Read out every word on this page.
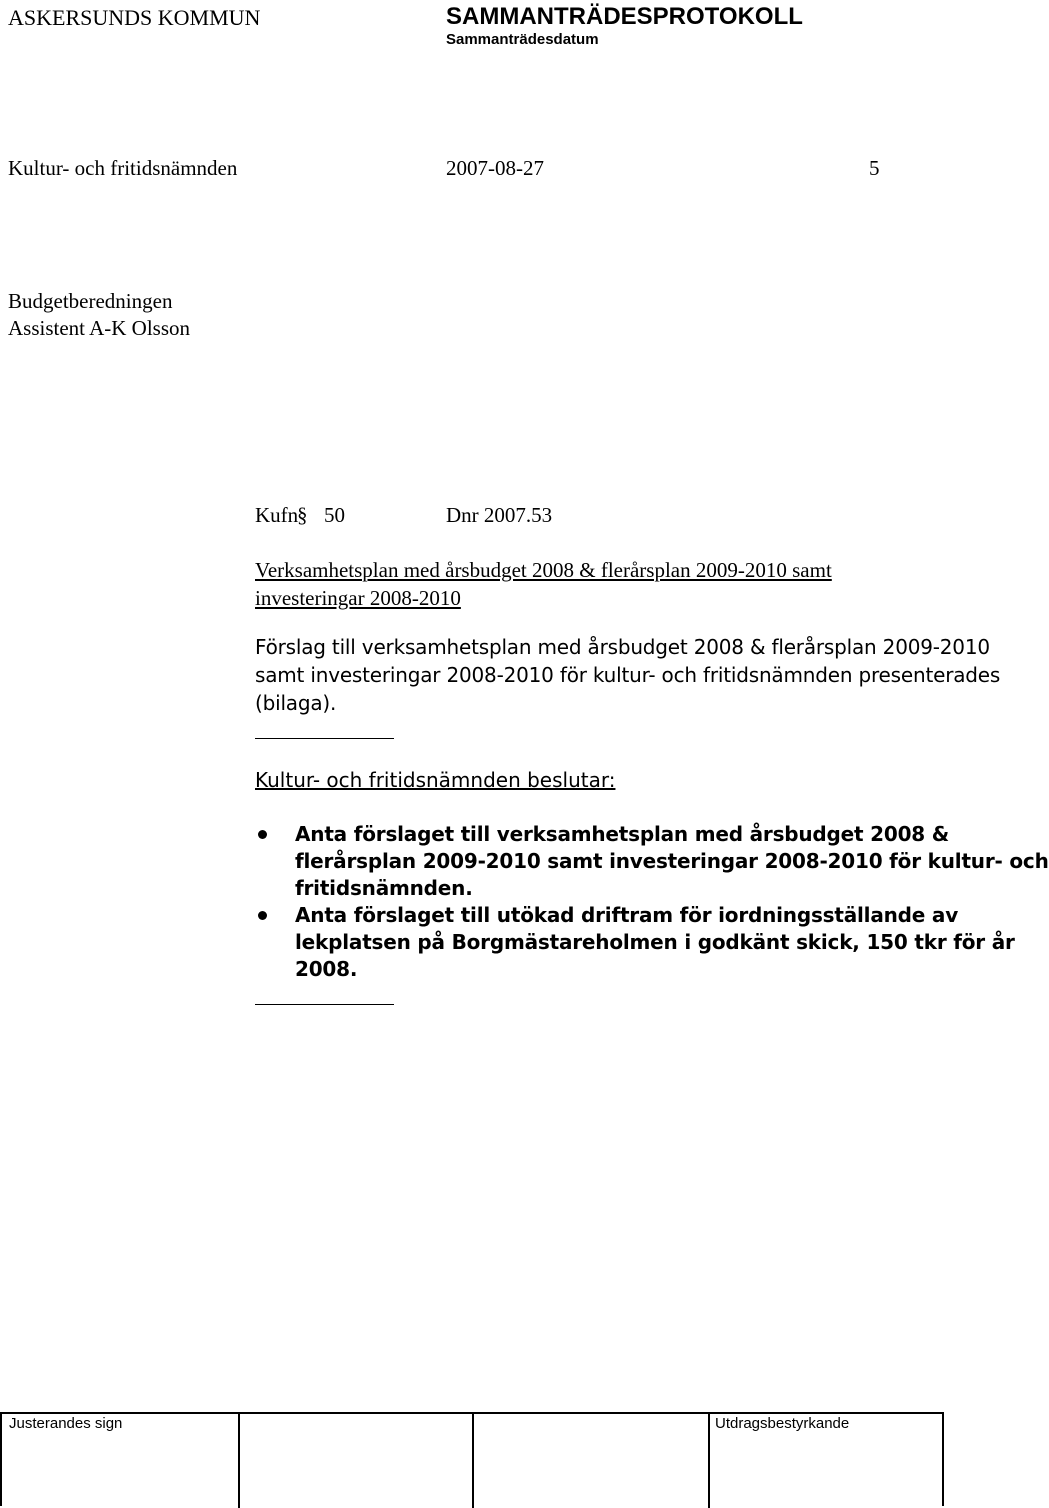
ASKERSUNDS KOMMUN	SAMMANTRÄDESPROTOKOLL
Sammanträdesdatum
Kultur- och fritidsnämnden	2007-08-27	5
Budgetberedningen
Assistent A-K Olsson
Kufn
§ 50	Dnr 2007.53
Verksamhetsplan med årsbudget 2008 & flerårsplan 2009-2010 samt
investeringar 2008-2010
Förslag till verksamhetsplan med årsbudget 2008 & flerårsplan 2009-2010
samt investeringar 2008-2010 för kultur- och fritidsnämnden presenterades
(bilaga).
Kultur- och fritidsnämnden beslutar:
Anta förslaget till verksamhetsplan med årsbudget 2008 &
flerårsplan 2009-2010 samt investeringar 2008-2010 för kultur- och
fritidsnämnden.
Anta förslaget till utökad driftram för iordningsställande av
lekplatsen på Borgmästareholmen i godkänt skick, 150 tkr för år
2008.
Justerandes sign	Utdragsbestyrkande
